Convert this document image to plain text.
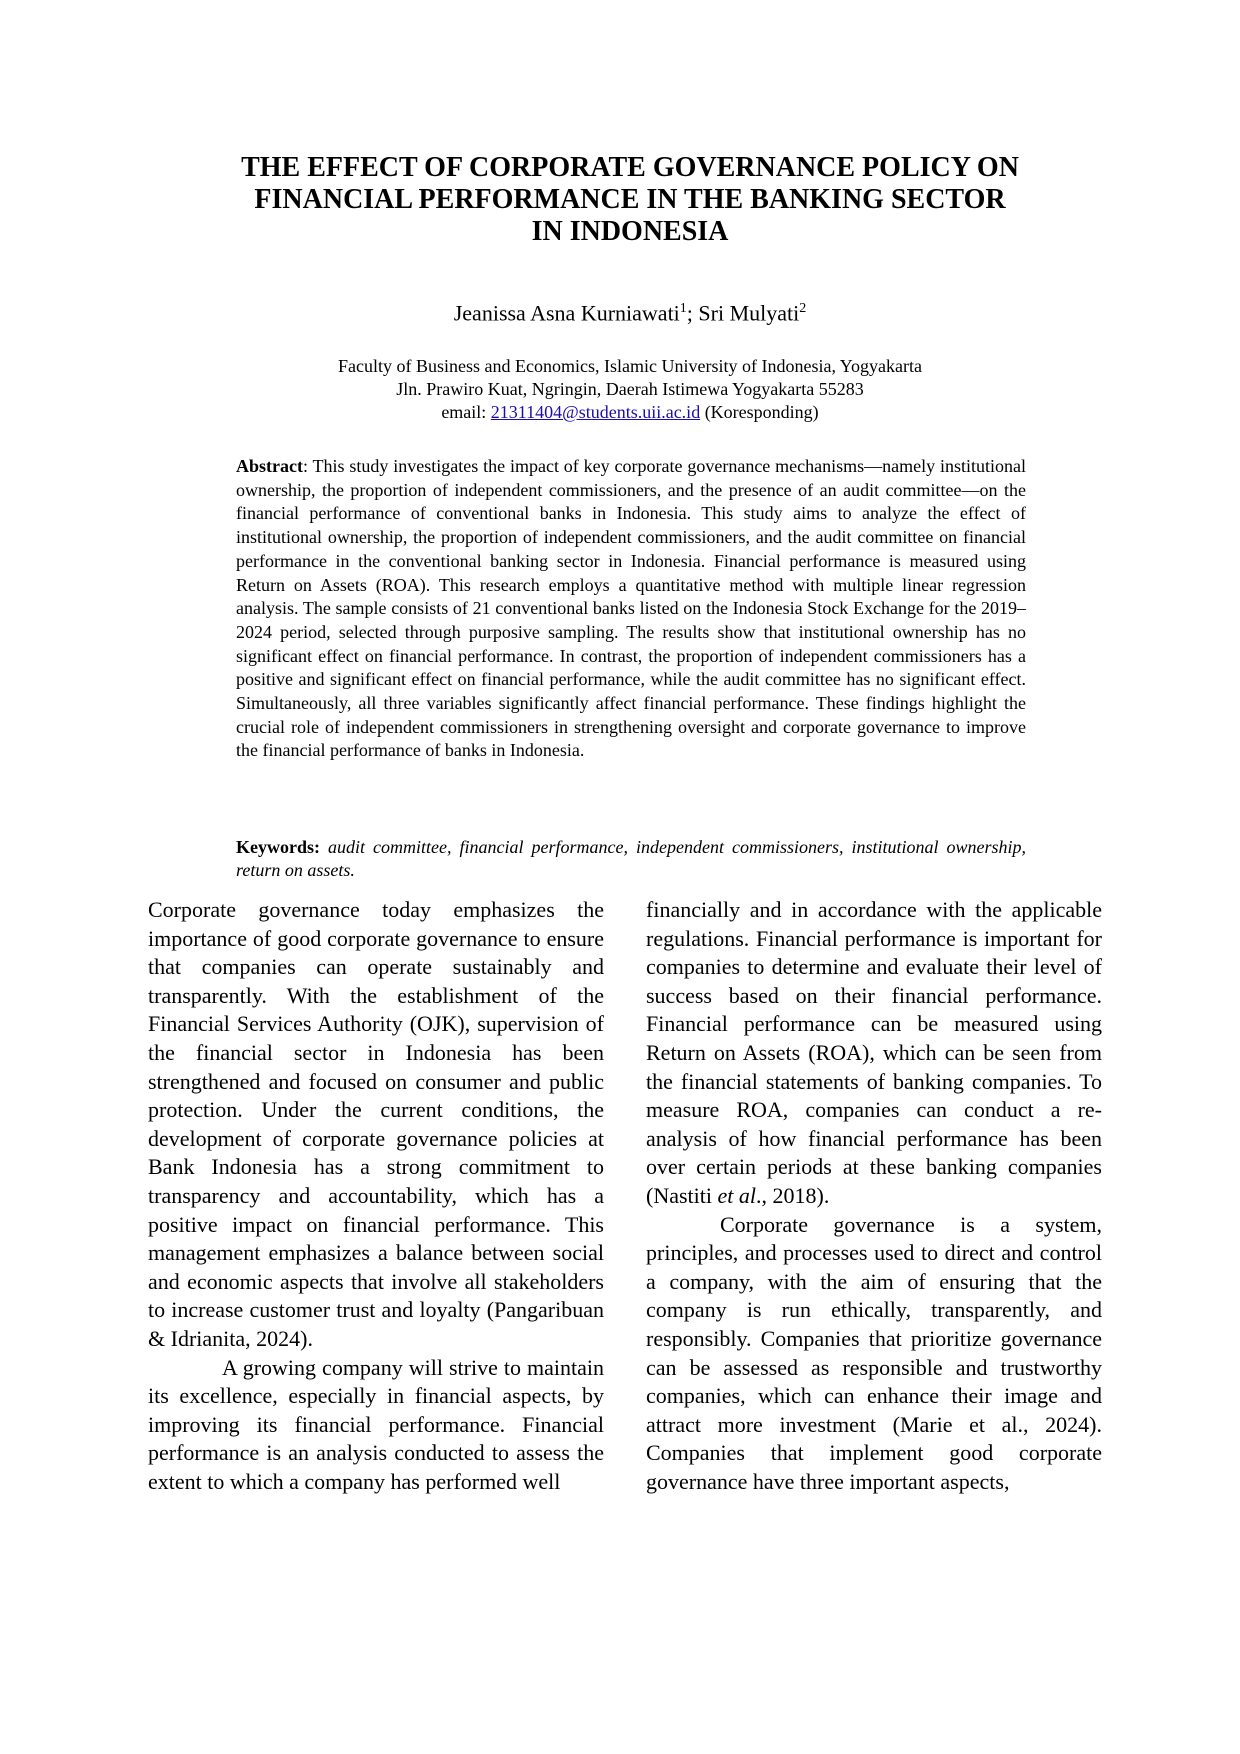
THE EFFECT OF CORPORATE GOVERNANCE POLICY ON
FINANCIAL PERFORMANCE IN THE BANKING SECTOR
IN INDONESIA
Jeanissa Asna Kurniawati$^1$; Sri Mulyati$^2$
Faculty of Business and Economics, Islamic University of Indonesia, Yogyakarta
Jln. Prawiro Kuat, Ngringin, Daerah Istimewa Yogyakarta 55283
email: 21311404@students.uii.ac.id (Koresponding)
Abstract: This study investigates the impact of key corporate governance mechanisms—namely institutional ownership, the proportion of independent commissioners, and the presence of an audit committee—on the financial performance of conventional banks in Indonesia. This study aims to analyze the effect of institutional ownership, the proportion of independent commissioners, and the audit committee on financial performance in the conventional banking sector in Indonesia. Financial performance is measured using Return on Assets (ROA). This research employs a quantitative method with multiple linear regression analysis. The sample consists of 21 conventional banks listed on the Indonesia Stock Exchange for the 2019–2024 period, selected through purposive sampling. The results show that institutional ownership has no significant effect on financial performance. In contrast, the proportion of independent commissioners has a positive and significant effect on financial performance, while the audit committee has no significant effect. Simultaneously, all three variables significantly affect financial performance. These findings highlight the crucial role of independent commissioners in strengthening oversight and corporate governance to improve the financial performance of banks in Indonesia.
Keywords: audit committee, financial performance, independent commissioners, institutional ownership, return on assets.

Corporate governance today emphasizes the importance of good corporate governance to ensure that companies can operate sustainably and transparently. With the establishment of the Financial Services Authority (OJK), supervision of the financial sector in Indonesia has been strengthened and focused on consumer and public protection. Under the current conditions, the development of corporate governance policies at Bank Indonesia has a strong commitment to transparency and accountability, which has a positive impact on financial performance. This management emphasizes a balance between social and economic aspects that involve all stakeholders to increase customer trust and loyalty (Pangaribuan & Idrianita, 2024).

A growing company will strive to maintain its excellence, especially in financial aspects, by improving its financial performance. Financial performance is an analysis conducted to assess the extent to which a company has performed well

financially and in accordance with the applicable regulations. Financial performance is important for companies to determine and evaluate their level of success based on their financial performance. Financial performance can be measured using Return on Assets (ROA), which can be seen from the financial statements of banking companies. To measure ROA, companies can conduct a re-analysis of how financial performance has been over certain periods at these banking companies (Nastiti et al., 2018).

Corporate governance is a system, principles, and processes used to direct and control a company, with the aim of ensuring that the company is run ethically, transparently, and responsibly. Companies that prioritize governance can be assessed as responsible and trustworthy companies, which can enhance their image and attract more investment (Marie et al., 2024). Companies that implement good corporate governance have three important aspects,
